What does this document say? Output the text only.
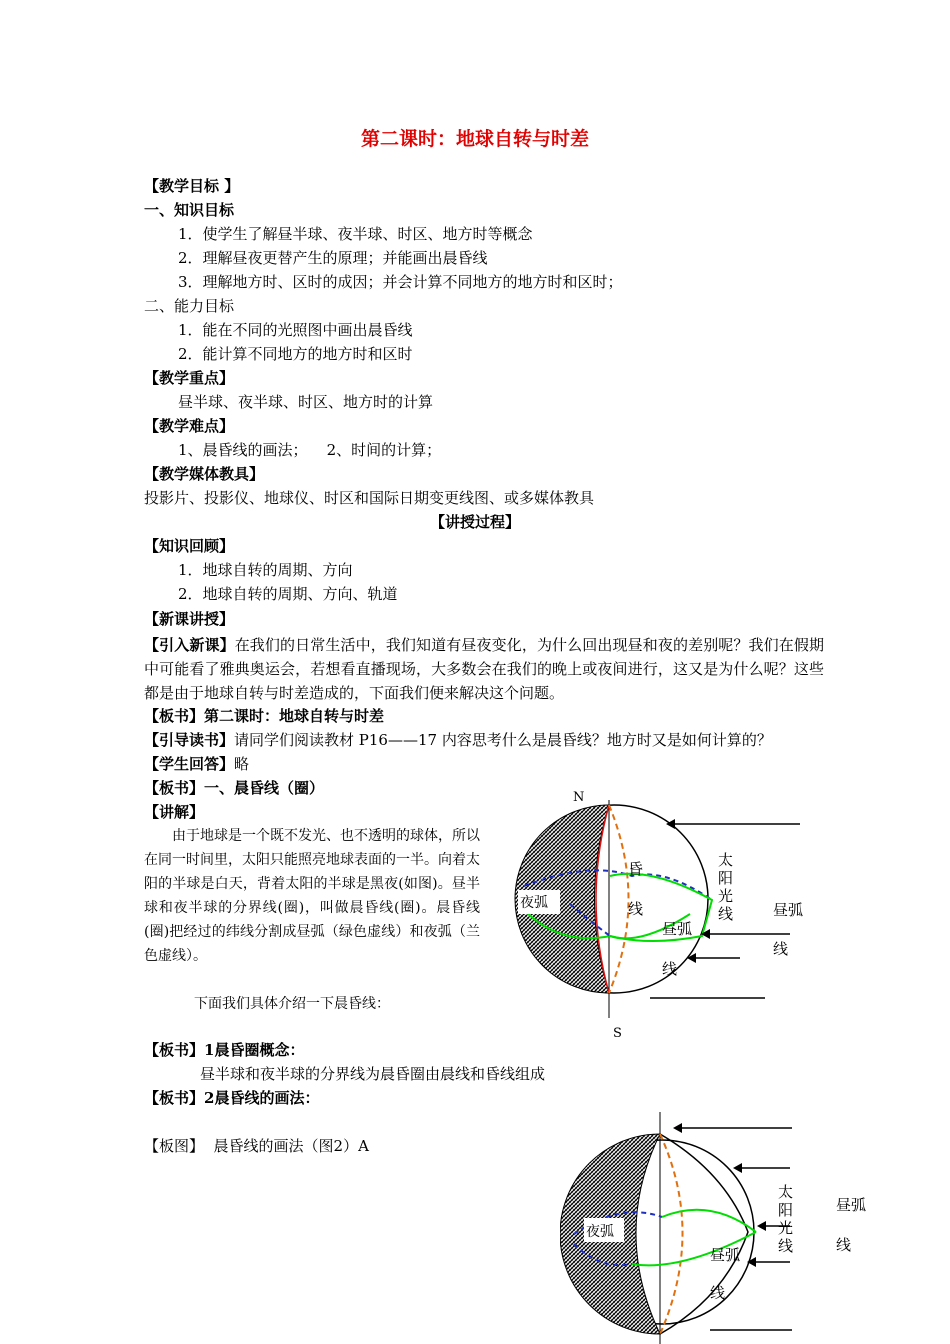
第二课时：地球自转与时差
【教学目标 】
一、知识目标
1．使学生了解昼半球、夜半球、时区、地方时等概念
2．理解昼夜更替产生的原理；并能画出晨昏线
3．理解地方时、区时的成因；并会计算不同地方的地方时和区时；
二、能力目标
1．能在不同的光照图中画出晨昏线
2．能计算不同地方的地方时和区时
【教学重点】
昼半球、夜半球、时区、地方时的计算
【教学难点】
1、晨昏线的画法；    2、时间的计算；
【教学媒体教具】
投影片、投影仪、地球仪、时区和国际日期变更线图、或多媒体教具
【讲授过程】
【知识回顾】
1．地球自转的周期、方向
2．地球自转的周期、方向、轨道
【新课讲授】
【引入新课】在我们的日常生活中，我们知道有昼夜变化，为什么回出现昼和夜的差别呢？我们在假期中可能看了雅典奥运会，若想看直播现场，大多数会在我们的晚上或夜间进行，这又是为什么呢？这些都是由于地球自转与时差造成的，下面我们便来解决这个问题。
【板书】第二课时：地球自转与时差
【引导读书】请同学们阅读教材 P16——17 内容思考什么是晨昏线？地方时又是如何计算的？
【学生回答】略
【板书】一、晨昏线（圈）
【讲解】
由于地球是一个既不发光、也不透明的球体，所以在同一时间里，太阳只能照亮地球表面的一半。向着太阳的半球是白天，背着太阳的半球是黑夜(如图)。昼半球和夜半球的分界线(圈)，叫做晨昏线(圈)。晨昏线(圈)把经过的纬线分割成昼弧（绿色虚线）和夜弧（兰色虚线）。
下面我们具体介绍一下晨昏线：
【板书】1晨昏圈概念：
昼半球和夜半球的分界线为晨昏圈由晨线和昏线组成
【板书】2晨昏线的画法：
【板图】  晨昏线的画法（图2）A
N
S
夜弧
昏
线
昼弧
线
太
阳
光
线	昼弧
线
夜弧
昼弧
线
太
阳
光
线
昼弧
线
